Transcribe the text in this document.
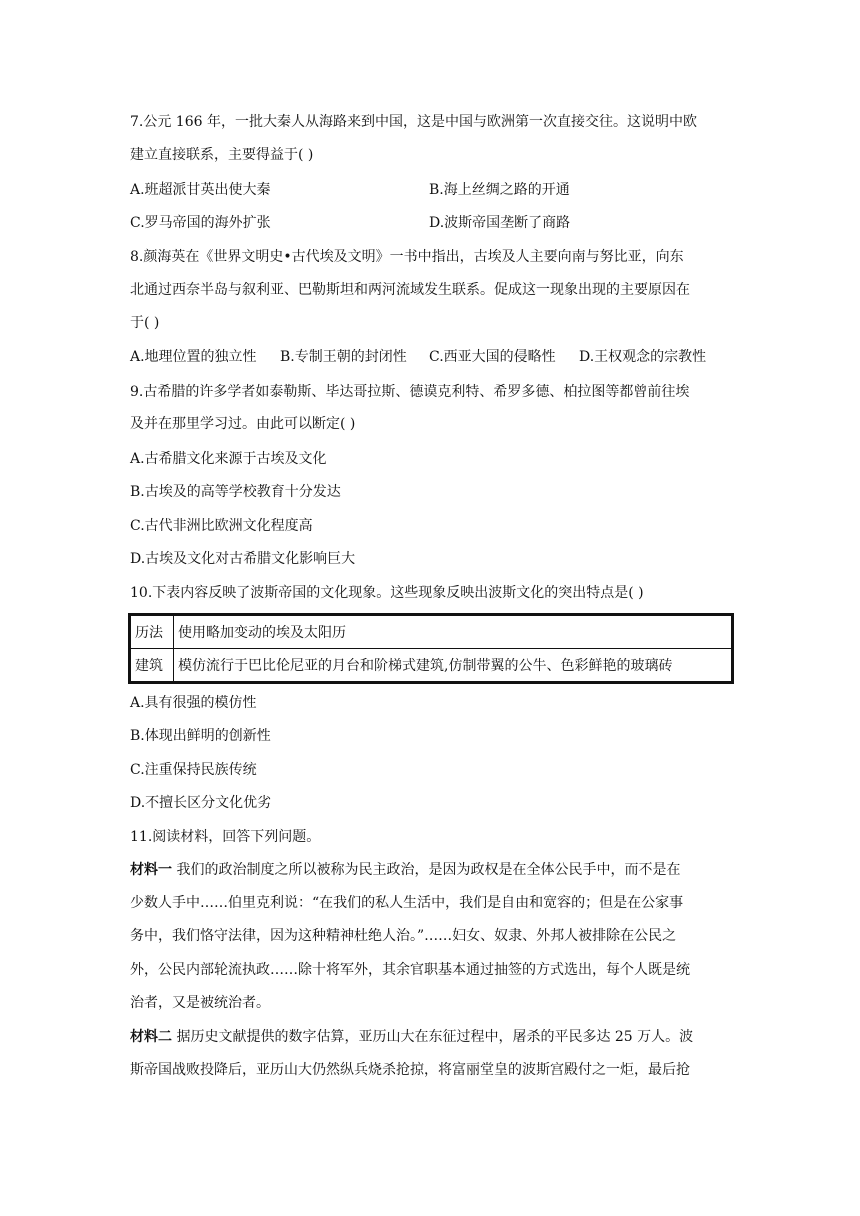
7.公元 166 年，一批大秦人从海路来到中国，这是中国与欧洲第一次直接交往。这说明中欧
建立直接联系，主要得益于( )
A.班超派甘英出使大秦	B.海上丝绸之路的开通
C.罗马帝国的海外扩张	D.波斯帝国垄断了商路
8.颜海英在《世界文明史•古代埃及文明》一书中指出，古埃及人主要向南与努比亚，向东
北通过西奈半岛与叙利亚、巴勒斯坦和两河流域发生联系。促成这一现象出现的主要原因在
于( )
A.地理位置的独立性 B.专制王朝的封闭性 C.西亚大国的侵略性 D.王权观念的宗教性
9.古希腊的许多学者如泰勒斯、毕达哥拉斯、德谟克利特、希罗多德、柏拉图等都曾前往埃
及并在那里学习过。由此可以断定( )
A.古希腊文化来源于古埃及文化
B.古埃及的高等学校教育十分发达
C.古代非洲比欧洲文化程度高
D.古埃及文化对古希腊文化影响巨大
10.下表内容反映了波斯帝国的文化现象。这些现象反映出波斯文化的突出特点是( )
历法	使用略加变动的埃及太阳历
建筑	模仿流行于巴比伦尼亚的月台和阶梯式建筑,仿制带翼的公牛、色彩鲜艳的玻璃砖
A.具有很强的模仿性
B.体现出鲜明的创新性
C.注重保持民族传统
D.不擅长区分文化优劣
11.阅读材料，回答下列问题。
材料一 我们的政治制度之所以被称为民主政治，是因为政权是在全体公民手中，而不是在
少数人手中……伯里克利说：“在我们的私人生活中，我们是自由和宽容的；但是在公家事
务中，我们恪守法律，因为这种精神杜绝人治。”……妇女、奴隶、外邦人被排除在公民之
外，公民内部轮流执政……除十将军外，其余官职基本通过抽签的方式选出，每个人既是统
治者，又是被统治者。
材料二 据历史文献提供的数字估算，亚历山大在东征过程中，屠杀的平民多达 25 万人。波
斯帝国战败投降后，亚历山大仍然纵兵烧杀抢掠，将富丽堂皇的波斯宫殿付之一炬，最后抢
